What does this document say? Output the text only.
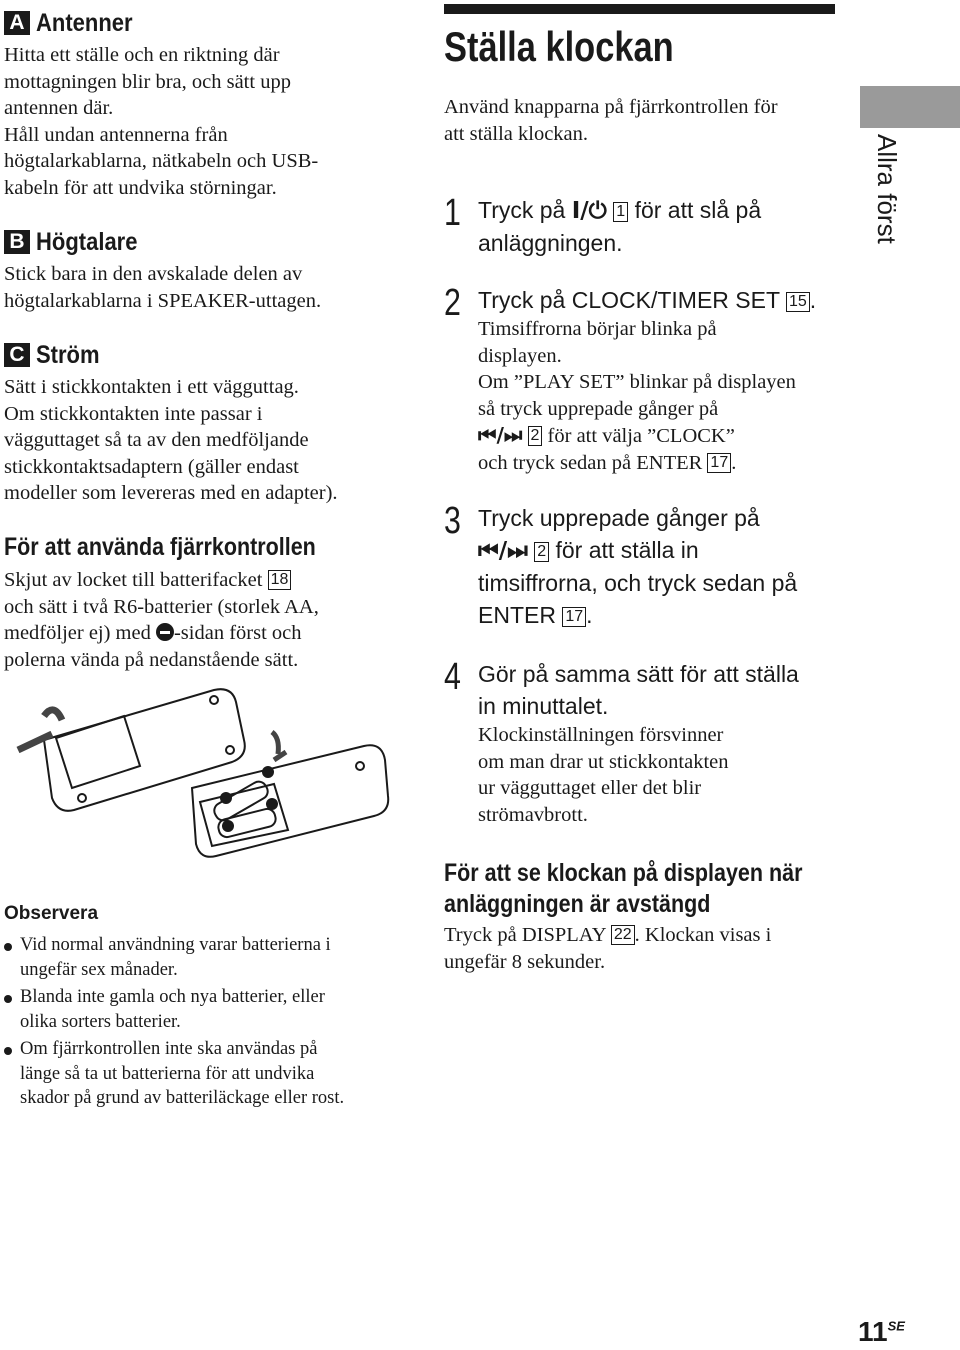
A Antenner

Hitta ett ställe och en riktning där
mottagningen blir bra, och sätt upp
antennen där.
Håll undan antennerna från
högtalarkablarna, nätkabeln och USB-
kabeln för att undvika störningar.

B Högtalare

Stick bara in den avskalade delen av
högtalarkablarna i SPEAKER-uttagen.

C Ström

Sätt i stickkontakten i ett vägguttag.
Om stickkontakten inte passar i
vägguttaget så ta av den medföljande
stickkontaktsadaptern (gäller endast
modeller som levereras med en adapter).

För att använda fjärrkontrollen

Skjut av locket till batterifacket 18
och sätt i två R6-batterier (storlek AA,
medföljer ej) med -sidan först och
polerna vända på nedanstående sätt.

Observera
Vid normal användning varar batterierna i
ungefär sex månader.
Blanda inte gamla och nya batterier, eller
olika sorters batterier.
Om fjärrkontrollen inte ska användas på
länge så ta ut batterierna för att undvika
skador på grund av batteriläckage eller rost.
Ställa klockan

Använd knapparna på fjärrkontrollen för
att ställa klockan.

1 Tryck på I/⏻ 1 för att slå på
anläggningen.
2 Tryck på CLOCK/TIMER SET 15 .
Timsiffrorna börjar blinka på
displayen.
Om ”PLAY SET” blinkar på displayen
så tryck upprepade gånger på
⏮/⏭ 2 för att välja ”CLOCK”
och tryck sedan på ENTER 17 .
3 Tryck upprepade gånger på
⏮/⏭ 2 för att ställa in
timsiffrorna, och tryck sedan på
ENTER 17 .
4 Gör på samma sätt för att ställa
in minuttalet.
Klockinställningen försvinner
om man drar ut stickkontakten
ur vägguttaget eller det blir
strömavbrott.
För att se klockan på displayen när
anläggningen är avstängd

Tryck på DISPLAY 22 . Klockan visas i
ungefär 8 sekunder.

Allra först
$11^{SE}$
